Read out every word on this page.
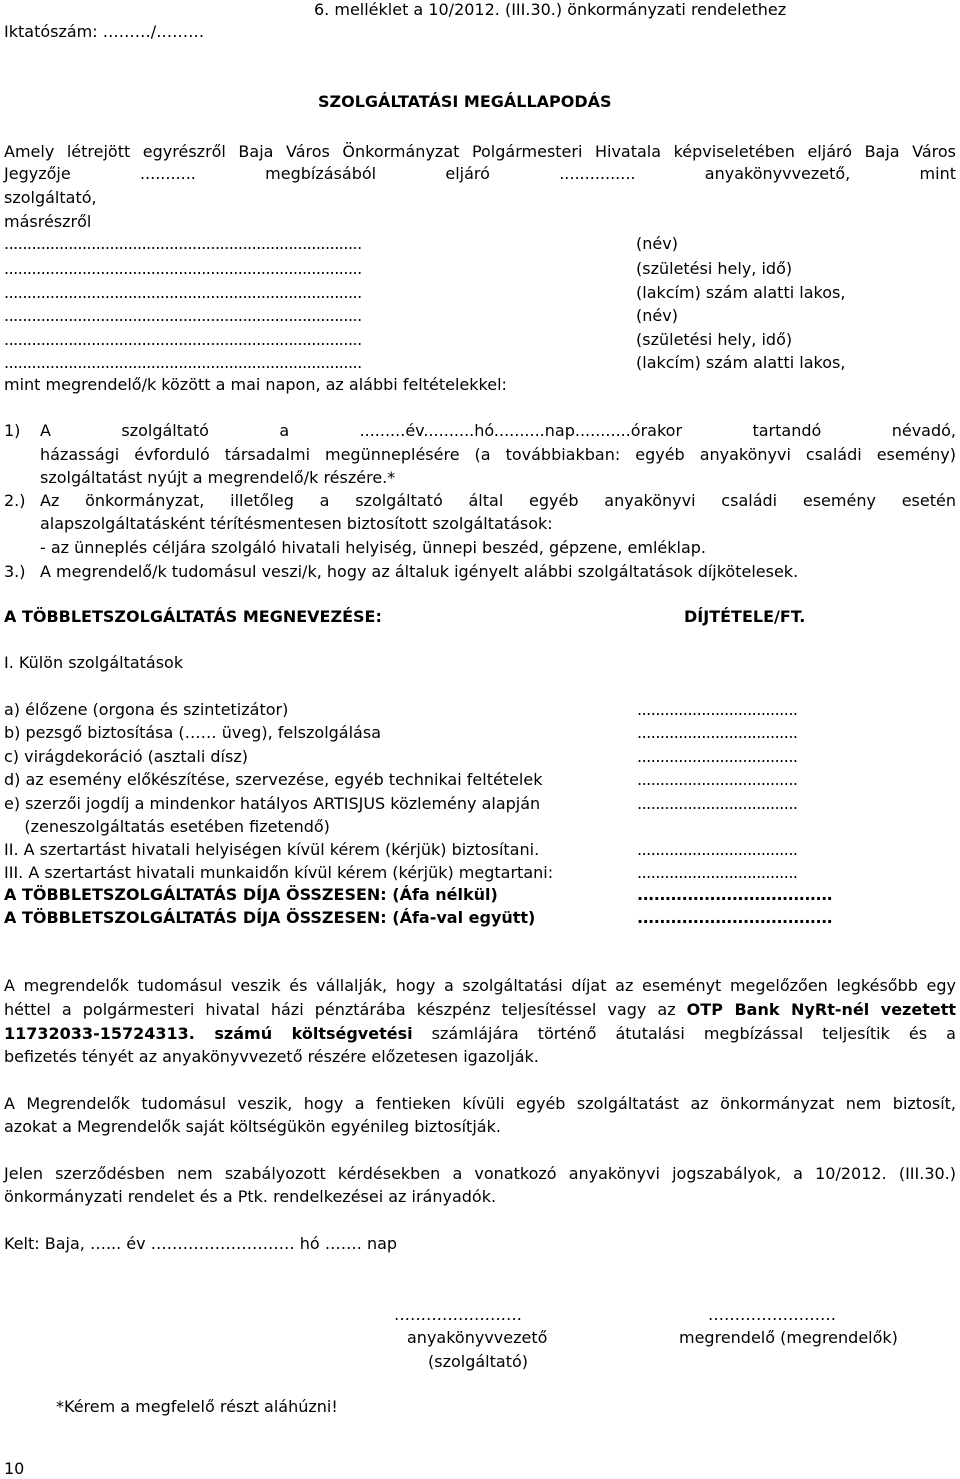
Iktatószám: ………/………
6. melléklet a 10/2012. (III.30.) önkormányzati rendelethez
SZOLGÁLTATÁSI MEGÁLLAPODÁS
Amely létrejött egyrészről Baja Város Önkormányzat Polgármesteri Hivatala képviseletében eljáró Baja Város
Jegyzője ........... megbízásából eljáró ............... anyakönyvvezető, mint
szolgáltató,
másrészről
..............................................................................	(név)
..............................................................................	(születési hely, idő)
..............................................................................	(lakcím) szám alatti lakos,
..............................................................................	(név)
..............................................................................	(születési hely, idő)
..............................................................................	(lakcím) szám alatti lakos,
mint megrendelő/k között a mai napon, az alábbi feltételekkel:
1) A szolgáltató a .........év..........hó..........nap...........órakor tartandó névadó,
házassági évforduló társadalmi megünneplésére (a továbbiakban: egyéb anyakönyvi családi esemény)
szolgáltatást nyújt a megrendelő/k részére.*
2.) Az önkormányzat, illetőleg a szolgáltató által egyéb anyakönyvi családi esemény esetén
alapszolgáltatásként térítésmentesen biztosított szolgáltatások:
- az ünneplés céljára szolgáló hivatali helyiség, ünnepi beszéd, gépzene, emléklap.
3.) A megrendelő/k tudomásul veszi/k, hogy az általuk igényelt alábbi szolgáltatások díjkötelesek.
A TÖBBLETSZOLGÁLTATÁS MEGNEVEZÉSE:	DÍJTÉTELE/FT.
I. Külön szolgáltatások
a) élőzene (orgona és szintetizátor)	...................................
b) pezsgő biztosítása (…… üveg), felszolgálása	...................................
c) virágdekoráció (asztali dísz)	...................................
d) az esemény előkészítése, szervezése, egyéb technikai feltételek	...................................
e) szerzői jogdíj a mindenkor hatályos ARTISJUS közlemény alapján	...................................
(zeneszolgáltatás esetében fizetendő)
II. A szertartást hivatali helyiségen kívül kérem (kérjük) biztosítani.	...................................
III. A szertartást hivatali munkaidőn kívül kérem (kérjük) megtartani:	...................................
A TÖBBLETSZOLGÁLTATÁS DÍJA ÖSSZESEN: (Áfa nélkül)	...................................
A TÖBBLETSZOLGÁLTATÁS DÍJA ÖSSZESEN: (Áfa-val együtt)	...................................
A megrendelők tudomásul veszik és vállalják, hogy a szolgáltatási díjat az eseményt megelőzően legkésőbb egy
héttel a polgármesteri hivatal házi pénztárába készpénz teljesítéssel vagy az OTP Bank NyRt-nél vezetett
11732033-15724313. számú költségvetési számlájára történő átutalási megbízással teljesítik és a
befizetés tényét az anyakönyvvezető részére előzetesen igazolják.
A Megrendelők tudomásul veszik, hogy a fentieken kívüli egyéb szolgáltatást az önkormányzat nem biztosít,
azokat a Megrendelők saját költségükön egyénileg biztosítják.
Jelen szerződésben nem szabályozott kérdésekben a vonatkozó anyakönyvi jogszabályok, a 10/2012. (III.30.)
önkormányzati rendelet és a Ptk. rendelkezései az irányadók.
Kelt: Baja, …... év ……………………… hó ……. nap
……………………
anyakönyvvezető
(szolgáltató)
……………………
megrendelő (megrendelők)
*Kérem a megfelelő részt aláhúzni!
10
